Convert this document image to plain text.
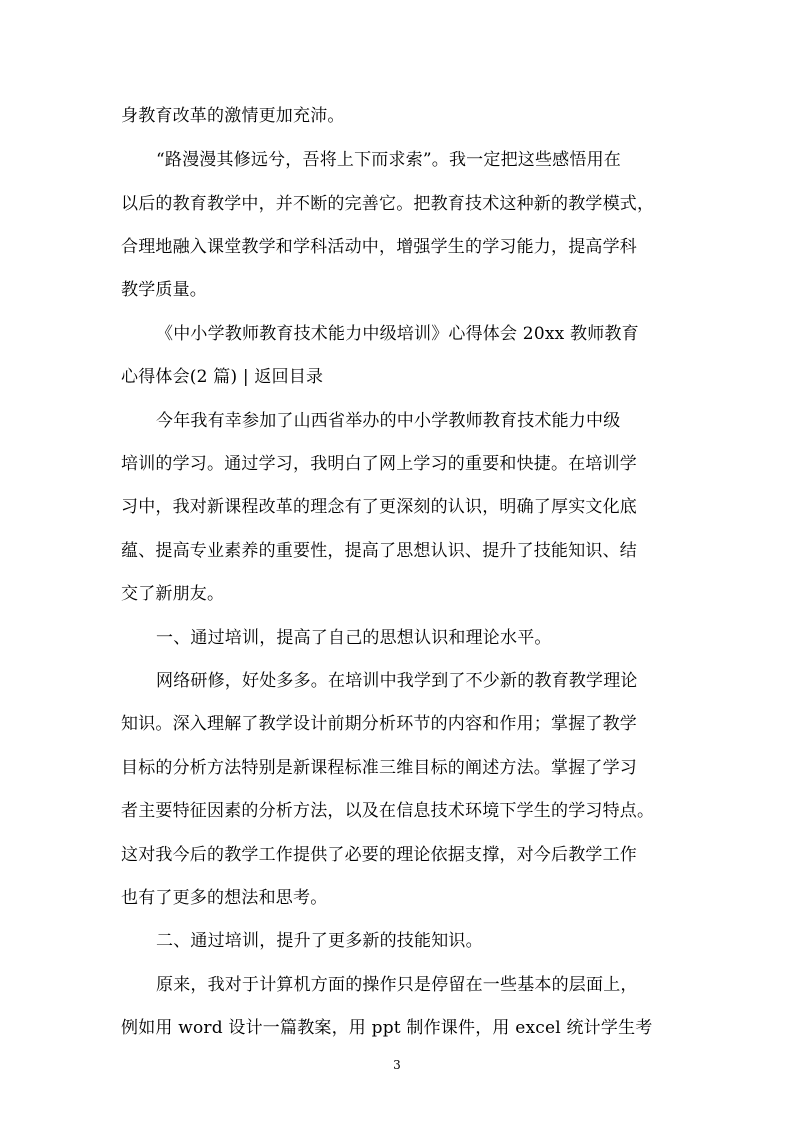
身教育改革的激情更加充沛。
“路漫漫其修远兮，吾将上下而求索”。我一定把这些感悟用在
以后的教育教学中，并不断的完善它。把教育技术这种新的教学模式，
合理地融入课堂教学和学科活动中，增强学生的学习能力，提高学科
教学质量。
《中小学教师教育技术能力中级培训》心得体会 20xx 教师教育
心得体会(2 篇) | 返回目录
今年我有幸参加了山西省举办的中小学教师教育技术能力中级
培训的学习。通过学习，我明白了网上学习的重要和快捷。在培训学
习中，我对新课程改革的理念有了更深刻的认识，明确了厚实文化底
蕴、提高专业素养的重要性，提高了思想认识、提升了技能知识、结
交了新朋友。
一、通过培训，提高了自己的思想认识和理论水平。
网络研修，好处多多。在培训中我学到了不少新的教育教学理论
知识。深入理解了教学设计前期分析环节的内容和作用；掌握了教学
目标的分析方法特别是新课程标准三维目标的阐述方法。掌握了学习
者主要特征因素的分析方法，以及在信息技术环境下学生的学习特点。
这对我今后的教学工作提供了必要的理论依据支撑，对今后教学工作
也有了更多的想法和思考。
二、通过培训，提升了更多新的技能知识。
原来，我对于计算机方面的操作只是停留在一些基本的层面上，
例如用 word 设计一篇教案，用 ppt 制作课件，用 excel 统计学生考
3
